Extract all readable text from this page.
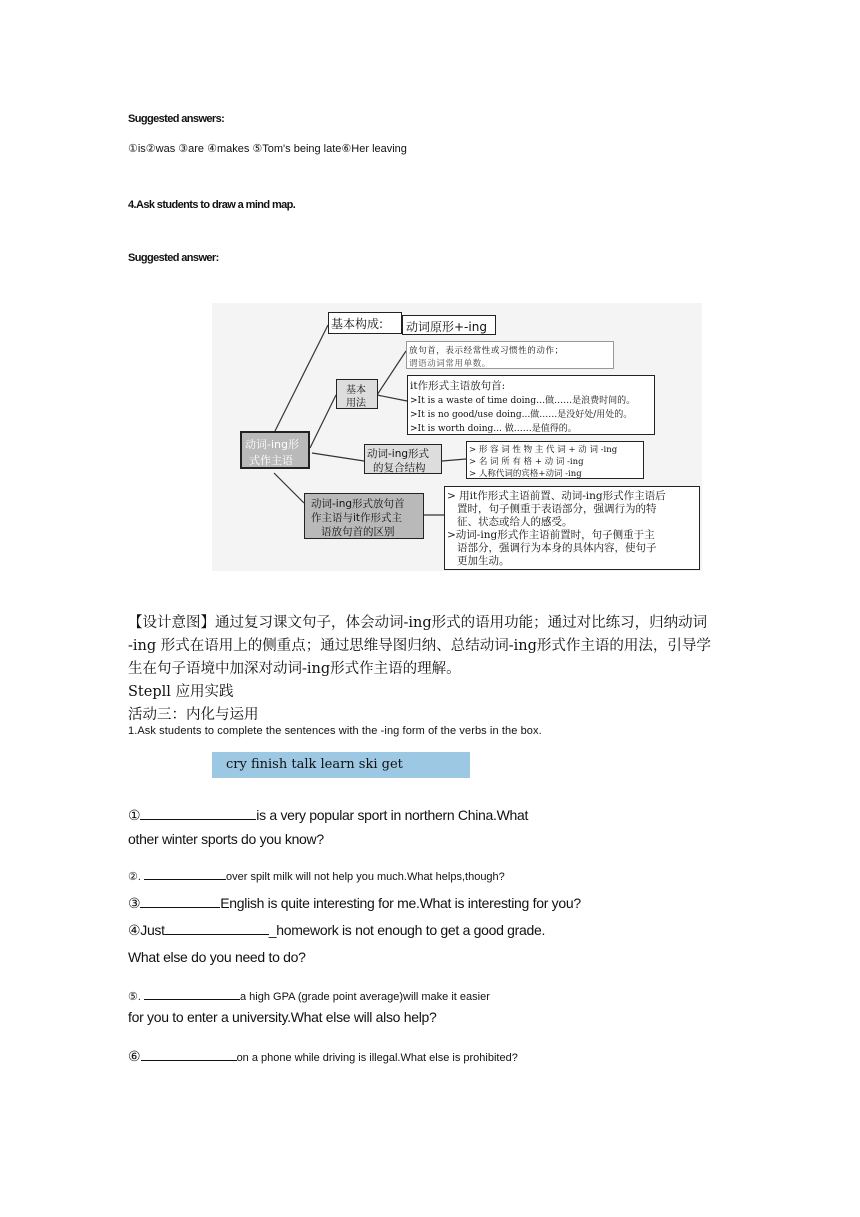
Suggested answers:
①is②was ③are ④makes ⑤Tom's being late⑥Her leaving
4.Ask students to draw a mind map.
Suggested answer:
基本构成: 动词原形+-ing
动词-ing形
式作主语
基本
用法
放句首，表示经常性或习惯性的动作；
谓语动词常用单数。
it作形式主语放句首:
>It is a waste of time doing…做……是浪费时间的。
>It is no good/use doing...做……是没好处/用处的。
>It is worth doing... 做……是值得的。
动词-ing形式
的复合结构
> 形 容 词 性 物 主 代 词 + 动 词 -ing
> 名 词 所 有 格 + 动 词 -ing
> 人称代词的宾格+动词 -ing
动词-ing形式放句首
作主语与it作形式主
语放句首的区别
> 用it作形式主语前置、动词-ing形式作主语后
置时，句子侧重于表语部分，强调行为的特
征、状态或给人的感受。
>动词-ing形式作主语前置时，句子侧重于主
语部分，强调行为本身的具体内容，使句子
更加生动。
【设计意图】通过复习课文句子，体会动词-ing形式的语用功能；通过对比练习，归纳动词
-ing 形式在语用上的侧重点；通过思维导图归纳、总结动词-ing形式作主语的用法，引导学
生在句子语境中加深对动词-ing形式作主语的理解。
Stepll 应用实践
活动三：内化与运用
1.Ask students to complete the sentences with the -ing form of the verbs in the box.
cry finish talk learn ski get
①	is a very popular sport in northern China.What
other winter sports do you know?
②.	over spilt milk will not help you much.What helps,though?
③	English is quite interesting for me.What is interesting for you?
④Just	_homework is not enough to get a good grade.
What else do you need to do?
⑤.	a high GPA (grade point average)will make it easier
for you to enter a university.What else will also help?
⑥	on a phone while driving is illegal.What else is prohibited?
